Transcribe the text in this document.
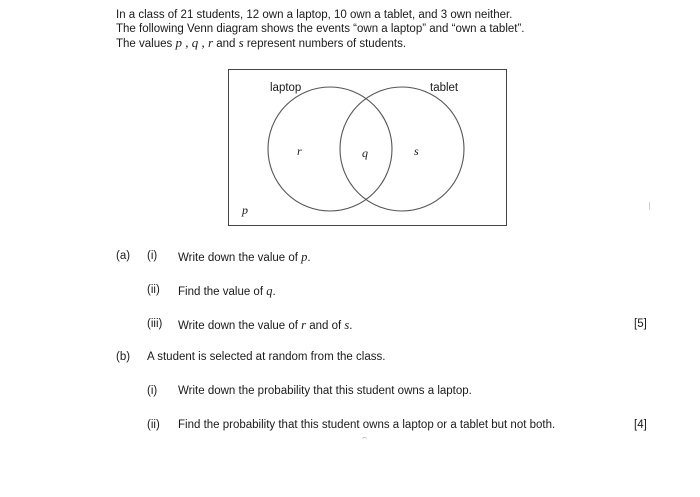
In a class of 21 students, 12 own a laptop, 10 own a tablet, and 3 own neither.
The following Venn diagram shows the events “own a laptop” and “own a tablet”.
The values p , q , r and s represent numbers of students.
laptop	tablet
r	q	s
p
(a) (i) Write down the value of p.
(ii) Find the value of q.
(iii) Write down the value of r and of s.	[5]
(b) A student is selected at random from the class.
(i) Write down the probability that this student owns a laptop.
(ii) Find the probability that this student owns a laptop or a tablet but not both.	[4]
